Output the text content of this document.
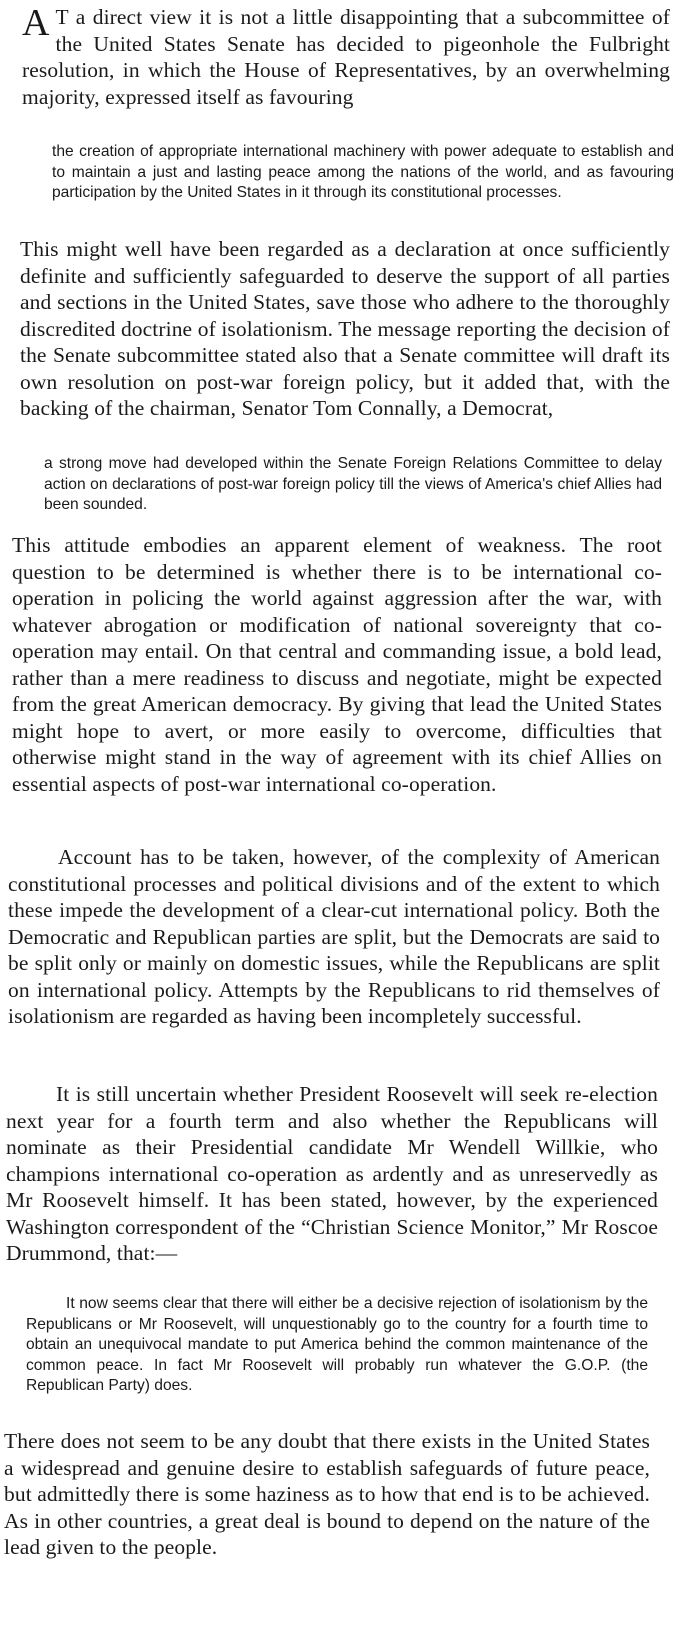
A T a direct view it is not a little disappointing that a subcommittee of the United States Senate has decided to pigeonhole the Fulbright resolution, in which the House of Representatives, by an overwhelming majority, expressed itself as favouring

the creation of appropriate international machinery with power adequate to establish and to maintain a just and lasting peace among the nations of the world, and as favouring participation by the United States in it through its constitutional processes.

This might well have been regarded as a declaration at once sufficiently definite and sufficiently safeguarded to deserve the support of all parties and sections in the United States, save those who adhere to the thoroughly discredited doctrine of isolationism. The message reporting the decision of the Senate subcommittee stated also that a Senate committee will draft its own resolution on post-war foreign policy, but it added that, with the backing of the chairman, Senator Tom Connally, a Democrat,

a strong move had developed within the Senate Foreign Relations Committee to delay action on declarations of post-war foreign policy till the views of America's chief Allies had been sounded.

This attitude embodies an apparent element of weakness. The root question to be determined is whether there is to be international co-operation in policing the world against aggression after the war, with whatever abrogation or modification of national sovereignty that co-operation may entail. On that central and commanding issue, a bold lead, rather than a mere readiness to discuss and negotiate, might be expected from the great American democracy. By giving that lead the United States might hope to avert, or more easily to overcome, difficulties that otherwise might stand in the way of agreement with its chief Allies on essential aspects of post-war international co-operation.

Account has to be taken, however, of the complexity of American constitutional processes and political divisions and of the extent to which these impede the development of a clear-cut international policy. Both the Democratic and Republican parties are split, but the Democrats are said to be split only or mainly on domestic issues, while the Republicans are split on international policy. Attempts by the Republicans to rid themselves of isolationism are regarded as having been incompletely successful.

It is still uncertain whether President Roosevelt will seek re-election next year for a fourth term and also whether the Republicans will nominate as their Presidential candidate Mr Wendell Willkie, who champions international co-operation as ardently and as unreservedly as Mr Roosevelt himself. It has been stated, however, by the experienced Washington correspondent of the “Christian Science Monitor,” Mr Roscoe Drummond, that:—

It now seems clear that there will either be a decisive rejection of isolationism by the Republicans or Mr Roosevelt, will unquestionably go to the country for a fourth time to obtain an unequivocal mandate to put America behind the common maintenance of the common peace. In fact Mr Roosevelt will probably run whatever the G.O.P. (the Republican Party) does.

There does not seem to be any doubt that there exists in the United States a widespread and genuine desire to establish safeguards of future peace, but admittedly there is some haziness as to how that end is to be achieved. As in other countries, a great deal is bound to depend on the nature of the lead given to the people.
